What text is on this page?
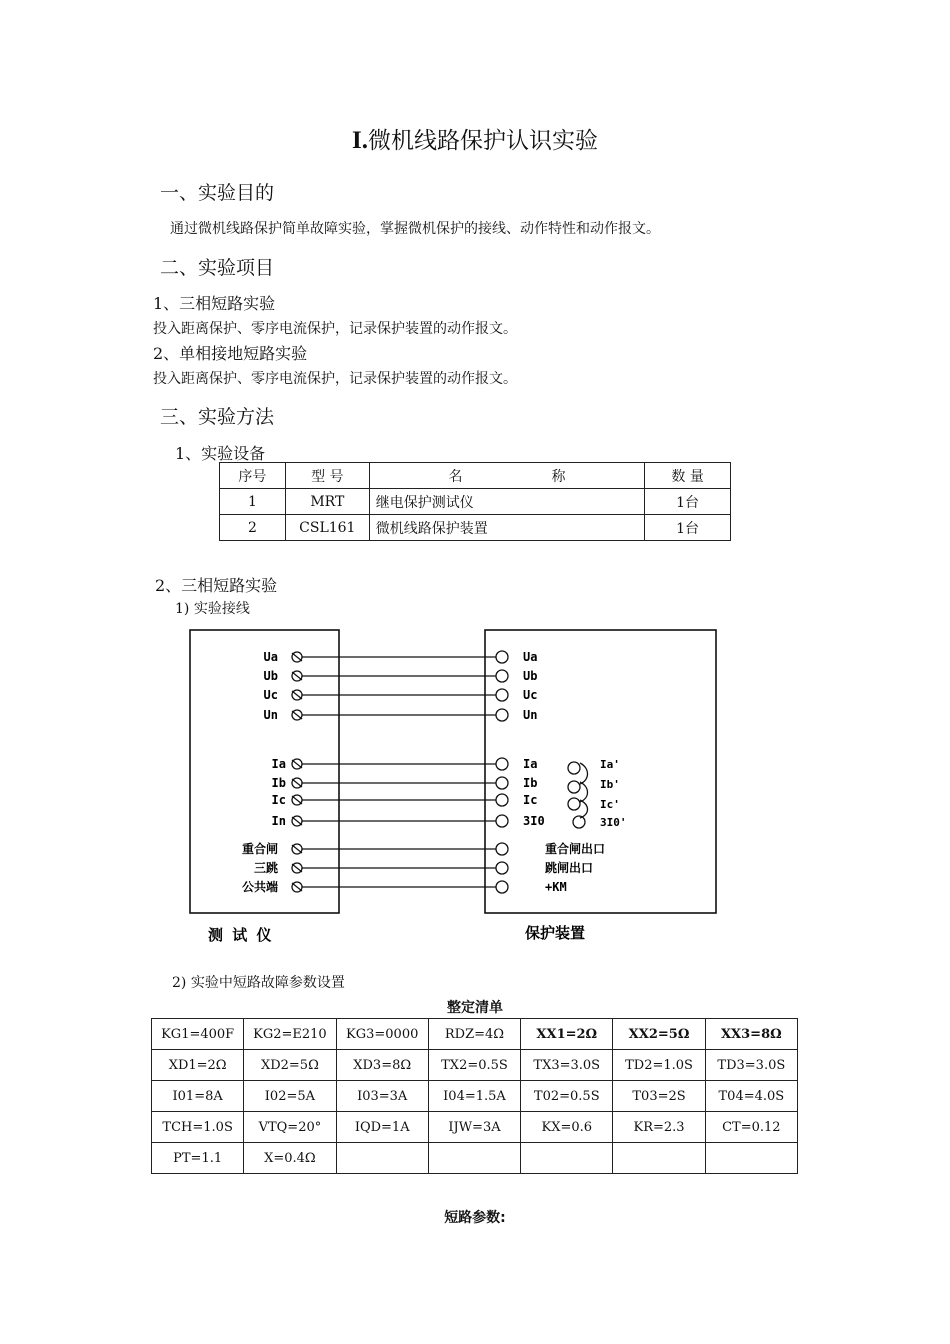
I.微机线路保护认识实验
一、实验目的
通过微机线路保护简单故障实验，掌握微机保护的接线、动作特性和动作报文。
二、实验项目
1、三相短路实验
投入距离保护、零序电流保护，记录保护装置的动作报文。
2、单相接地短路实验
投入距离保护、零序电流保护，记录保护装置的动作报文。
三、实验方法
1、实验设备
序号	型 号	名                    称	数 量
1	MRT	继电保护测试仪	1台
2	CSL161	微机线路保护装置	1台
2、三相短路实验
1) 实验接线
Ua	Ua
Ub	Ub
Uc	Uc
Un	Un
Ia	Ia
Ib	Ib
Ic	Ic
In	3I0
重合闸	重合闸出口
三跳	跳闸出口
公共端	+KM
Ia'
Ib'
Ic'
3I0'
测 试 仪	保护装置
2) 实验中短路故障参数设置
整定清单
KG1=400F	KG2=E210	KG3=0000	RDZ=4Ω	XX1=2Ω	XX2=5Ω	XX3=8Ω
XD1=2Ω	XD2=5Ω	XD3=8Ω	TX2=0.5S	TX3=3.0S	TD2=1.0S	TD3=3.0S
I01=8A	I02=5A	I03=3A	I04=1.5A	T02=0.5S	T03=2S	T04=4.0S
TCH=1.0S	VTQ=20°	IQD=1A	IJW=3A	KX=0.6	KR=2.3	CT=0.12
PT=1.1	X=0.4Ω					
短路参数:
